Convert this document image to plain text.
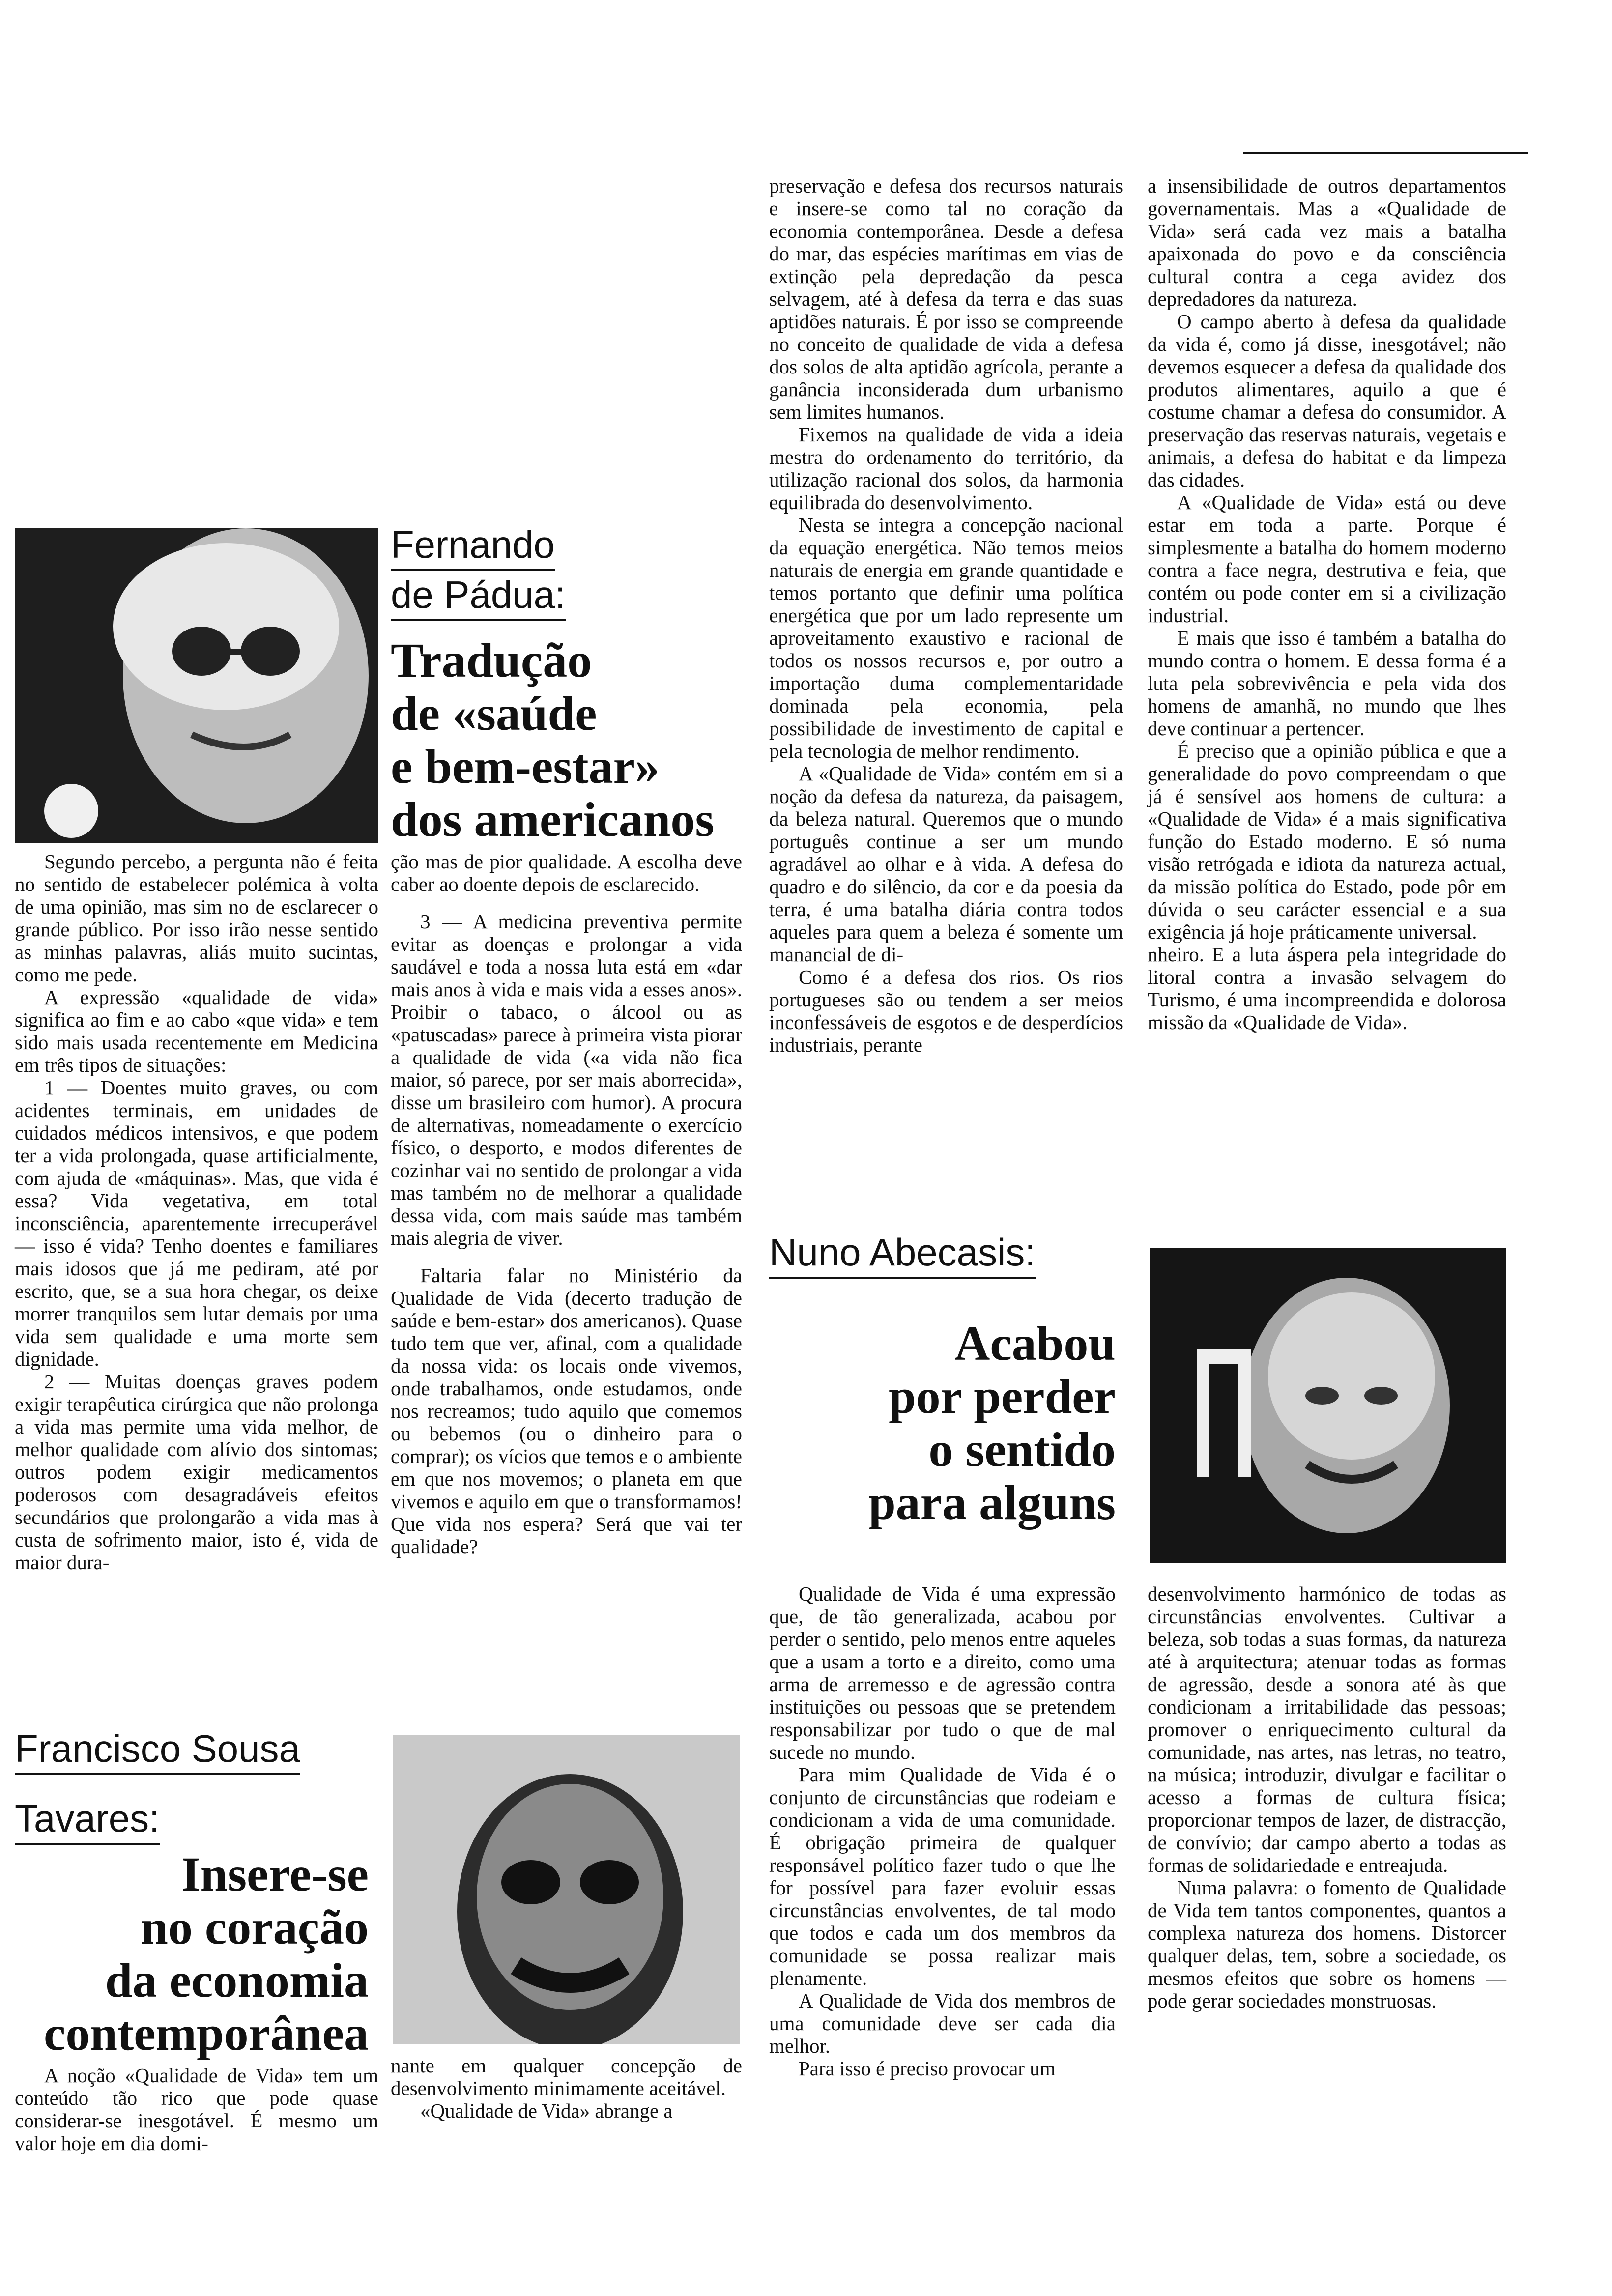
Segundo percebo, a pergunta não é feita no sentido de estabelecer polémica à volta de uma opinião, mas sim no de esclarecer o grande público. Por isso irão nesse sentido as minhas palavras, aliás muito sucintas, como me pede.

A expressão «qualidade de vida» significa ao fim e ao cabo «que vida» e tem sido mais usada recentemente em Medicina em três tipos de situações:

1 — Doentes muito graves, ou com acidentes terminais, em unidades de cuidados médicos intensivos, e que podem ter a vida prolongada, quase artificialmente, com ajuda de «máquinas». Mas, que vida é essa? Vida vegetativa, em total inconsciência, aparentemente irrecuperável — isso é vida? Tenho doentes e familiares mais idosos que já me pediram, até por escrito, que, se a sua hora chegar, os deixe morrer tranquilos sem lutar demais por uma vida sem qualidade e uma morte sem dignidade.

2 — Muitas doenças graves podem exigir terapêutica cirúrgica que não prolonga a vida mas permite uma vida melhor, de melhor qualidade com alívio dos sintomas; outros podem exigir medicamentos poderosos com desagradáveis efeitos secundários que prolongarão a vida mas à custa de sofrimento maior, isto é, vida de maior dura-

Francisco Sousa
Tavares:
Insere-se
no coração
da economia
contemporânea

A noção «Qualidade de Vida» tem um conteúdo tão rico que pode quase considerar-se inesgotável. É mesmo um valor hoje em dia domi-

Fernando
de Pádua:
Tradução
de «saúde
e bem-estar»
dos americanos

ção mas de pior qualidade. A escolha deve caber ao doente depois de esclarecido.

3 — A medicina preventiva permite evitar as doenças e prolongar a vida saudável e toda a nossa luta está em «dar mais anos à vida e mais vida a esses anos». Proibir o tabaco, o álcool ou as «patuscadas» parece à primeira vista piorar a qualidade de vida («a vida não fica maior, só parece, por ser mais aborrecida», disse um brasileiro com humor). A procura de alternativas, nomeadamente o exercício físico, o desporto, e modos diferentes de cozinhar vai no sentido de prolongar a vida mas também no de melhorar a qualidade dessa vida, com mais saúde mas também mais alegria de viver.

Faltaria falar no Ministério da Qualidade de Vida (decerto tradução de saúde e bem-estar» dos americanos). Quase tudo tem que ver, afinal, com a qualidade da nossa vida: os locais onde vivemos, onde trabalhamos, onde estudamos, onde nos recreamos; tudo aquilo que comemos ou bebemos (ou o dinheiro para o comprar); os vícios que temos e o ambiente em que nos movemos; o planeta em que vivemos e aquilo em que o transformamos! Que vida nos espera? Será que vai ter qualidade?

nante em qualquer concepção de desenvolvimento minimamente aceitável.

«Qualidade de Vida» abrange a

preservação e defesa dos recursos naturais e insere-se como tal no coração da economia contemporânea. Desde a defesa do mar, das espécies marítimas em vias de extinção pela depredação da pesca selvagem, até à defesa da terra e das suas aptidões naturais. É por isso se compreende no conceito de qualidade de vida a defesa dos solos de alta aptidão agrícola, perante a ganância inconsiderada dum urbanismo sem limites humanos.

Fixemos na qualidade de vida a ideia mestra do ordenamento do território, da utilização racional dos solos, da harmonia equilibrada do desenvolvimento.

Nesta se integra a concepção nacional da equação energética. Não temos meios naturais de energia em grande quantidade e temos portanto que definir uma política energética que por um lado represente um aproveitamento exaustivo e racional de todos os nossos recursos e, por outro a importação duma complementaridade dominada pela economia, pela possibilidade de investimento de capital e pela tecnologia de melhor rendimento.

A «Qualidade de Vida» contém em si a noção da defesa da natureza, da paisagem, da beleza natural. Queremos que o mundo português continue a ser um mundo agradável ao olhar e à vida. A defesa do quadro e do silêncio, da cor e da poesia da terra, é uma batalha diária contra todos aqueles para quem a beleza é somente um manancial de di-

Como é a defesa dos rios. Os rios portugueses são ou tendem a ser meios inconfessáveis de esgotos e de desperdícios industriais, perante

a insensibilidade de outros departamentos governamentais. Mas a «Qualidade de Vida» será cada vez mais a batalha apaixonada do povo e da consciência cultural contra a cega avidez dos depredadores da natureza.

O campo aberto à defesa da qualidade da vida é, como já disse, inesgotável; não devemos esquecer a defesa da qualidade dos produtos alimentares, aquilo a que é costume chamar a defesa do consumidor. A preservação das reservas naturais, vegetais e animais, a defesa do habitat e da limpeza das cidades.

A «Qualidade de Vida» está ou deve estar em toda a parte. Porque é simplesmente a batalha do homem moderno contra a face negra, destrutiva e feia, que contém ou pode conter em si a civilização industrial.

E mais que isso é também a batalha do mundo contra o homem. E dessa forma é a luta pela sobrevivência e pela vida dos homens de amanhã, no mundo que lhes deve continuar a pertencer.

É preciso que a opinião pública e que a generalidade do povo compreendam o que já é sensível aos homens de cultura: a «Qualidade de Vida» é a mais significativa função do Estado moderno. E só numa visão retrógada e idiota da natureza actual, da missão política do Estado, pode pôr em dúvida o seu carácter essencial e a sua exigência já hoje práticamente universal.

nheiro. E a luta áspera pela integridade do litoral contra a invasão selvagem do Turismo, é uma incompreendida e dolorosa missão da «Qualidade de Vida».

Nuno Abecasis:
Acabou
por perder
o sentido
para alguns

Qualidade de Vida é uma expressão que, de tão generalizada, acabou por perder o sentido, pelo menos entre aqueles que a usam a torto e a direito, como uma arma de arremesso e de agressão contra instituições ou pessoas que se pretendem responsabilizar por tudo o que de mal sucede no mundo.

Para mim Qualidade de Vida é o conjunto de circunstâncias que rodeiam e condicionam a vida de uma comunidade. É obrigação primeira de qualquer responsável político fazer tudo o que lhe for possível para fazer evoluir essas circunstâncias envolventes, de tal modo que todos e cada um dos membros da comunidade se possa realizar mais plenamente.

A Qualidade de Vida dos membros de uma comunidade deve ser cada dia melhor.

Para isso é preciso provocar um

desenvolvimento harmónico de todas as circunstâncias envolventes. Cultivar a beleza, sob todas a suas formas, da natureza até à arquitectura; atenuar todas as formas de agressão, desde a sonora até às que condicionam a irritabilidade das pessoas; promover o enriquecimento cultural da comunidade, nas artes, nas letras, no teatro, na música; introduzir, divulgar e facilitar o acesso a formas de cultura física; proporcionar tempos de lazer, de distracção, de convívio; dar campo aberto a todas as formas de solidariedade e entreajuda.

Numa palavra: o fomento de Qualidade de Vida tem tantos componentes, quantos a complexa natureza dos homens. Distorcer qualquer delas, tem, sobre a sociedade, os mesmos efeitos que sobre os homens — pode gerar sociedades monstruosas.
